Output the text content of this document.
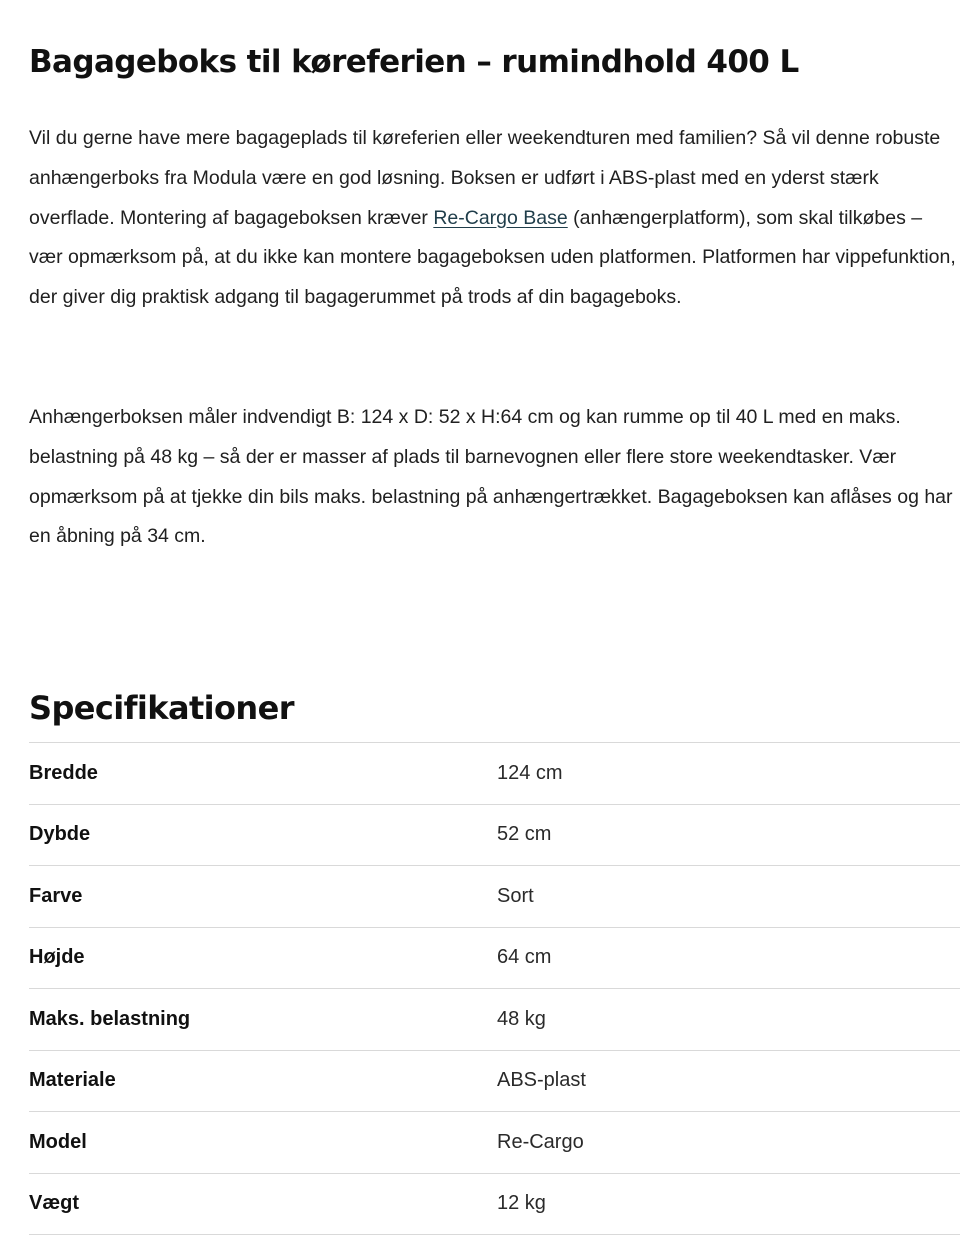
Bagageboks til køreferien – rumindhold 400 L

Vil du gerne have mere bagageplads til køreferien eller weekendturen med familien? Så vil denne robuste anhængerboks fra Modula være en god løsning. Boksen er udført i ABS-plast med en yderst stærk overflade. Montering af bagageboksen kræver Re-Cargo Base (anhængerplatform), som skal tilkøbes – vær opmærksom på, at du ikke kan montere bagageboksen uden platformen. Platformen har vippefunktion, der giver dig praktisk adgang til bagagerummet på trods af din bagageboks.

Anhængerboksen måler indvendigt B: 124 x D: 52 x H:64 cm og kan rumme op til 40 L med en maks. belastning på 48 kg – så der er masser af plads til barnevognen eller flere store weekendtasker. Vær opmærksom på at tjekke din bils maks. belastning på anhængertrækket. Bagageboksen kan aflåses og har en åbning på 34 cm.

Specifikationer
Bredde	124 cm
Dybde	52 cm
Farve	Sort
Højde	64 cm
Maks. belastning	48 kg
Materiale	ABS-plast
Model	Re-Cargo
Vægt	12 kg
